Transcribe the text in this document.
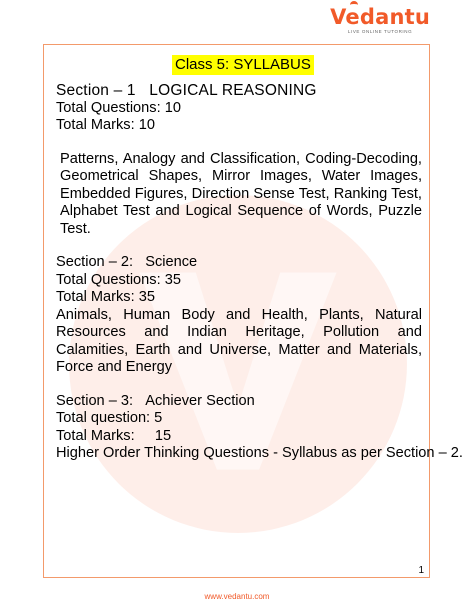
Vedantu
LIVE ONLINE TUTORING
Class 5: SYLLABUS
Section – 1 LOGICAL REASONING
Total Questions: 10
Total Marks: 10
Patterns, Analogy and Classification, Coding-Decoding, Geometrical Shapes, Mirror Images, Water Images, Embedded Figures, Direction Sense Test, Ranking Test, Alphabet Test and Logical Sequence of Words, Puzzle Test.
Section – 2: Science
Total Questions: 35
Total Marks: 35
Animals, Human Body and Health, Plants, Natural Resources and Indian Heritage, Pollution and Calamities, Earth and Universe, Matter and Materials, Force and Energy
Section – 3: Achiever Section
Total question: 5
Total Marks:     15
Higher Order Thinking Questions - Syllabus as per Section – 2.
1
www.vedantu.com
